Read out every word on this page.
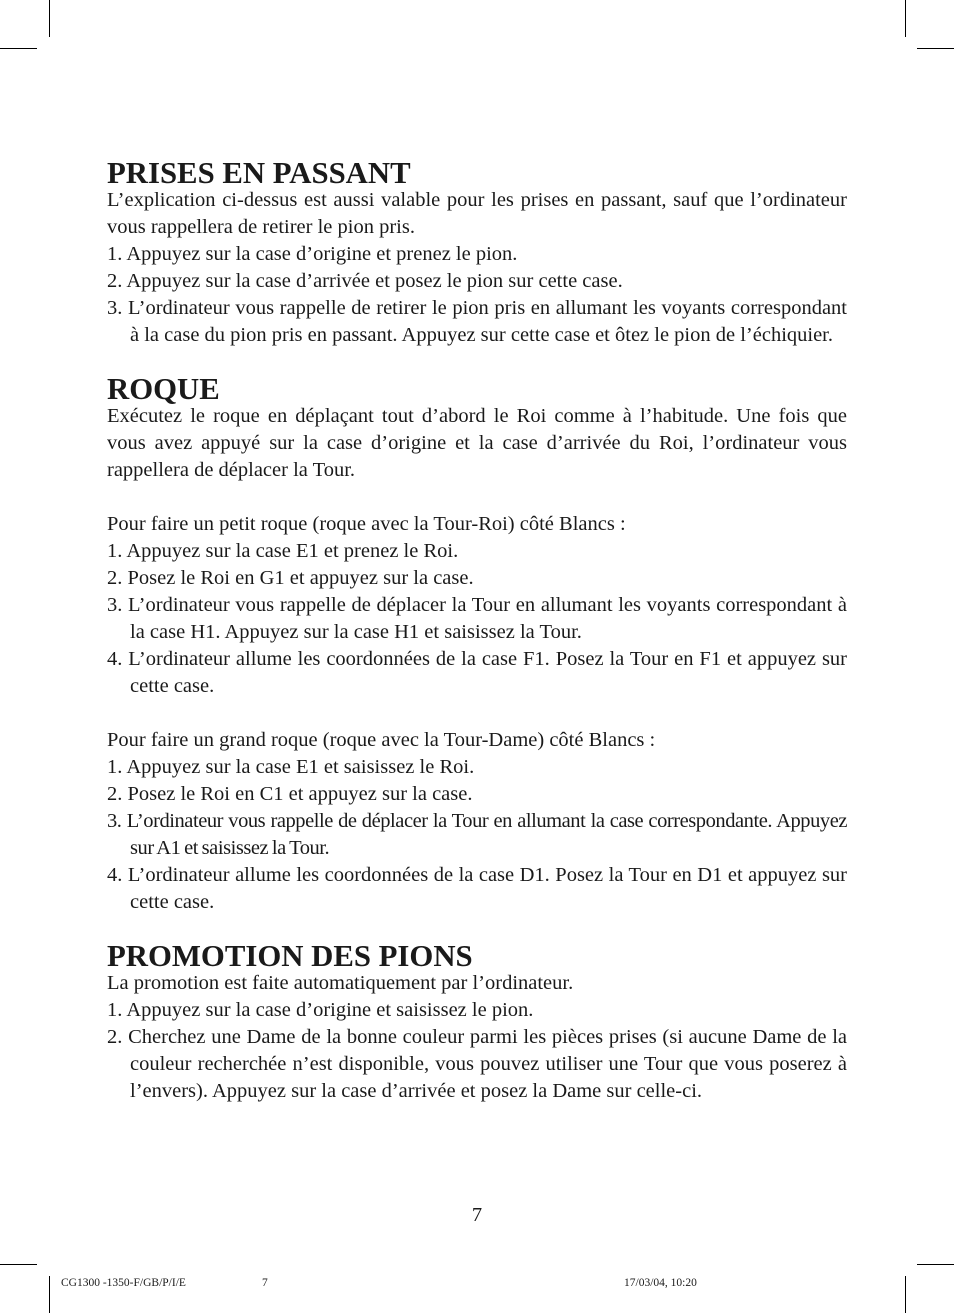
PRISES EN PASSANT

L’explication ci-dessus est aussi valable pour les prises en passant, sauf que l’ordinateur vous rappellera de retirer le pion pris.

1. Appuyez sur la case d’origine et prenez le pion.
2. Appuyez sur la case d’arrivée et posez le pion sur cette case.
3. L’ordinateur vous rappelle de retirer le pion pris en allumant les voyants correspondant à la case du pion pris en passant. Appuyez sur cette case et ôtez le pion de l’échiquier.
ROQUE

Exécutez le roque en déplaçant tout d’abord le Roi comme à l’habitude. Une fois que vous avez appuyé sur la case d’origine et la case d’arrivée du Roi, l’ordinateur vous rappellera de déplacer la Tour.

Pour faire un petit roque (roque avec la Tour-Roi) côté Blancs :

1. Appuyez sur la case E1 et prenez le Roi.
2. Posez le Roi en G1 et appuyez sur la case.
3. L’ordinateur vous rappelle de déplacer la Tour en allumant les voyants correspondant à la case H1. Appuyez sur la case H1 et saisissez la Tour.
4. L’ordinateur allume les coordonnées de la case F1. Posez la Tour en F1 et appuyez sur cette case.

Pour faire un grand roque (roque avec la Tour-Dame) côté Blancs :

1. Appuyez sur la case E1 et saisissez le Roi.
2. Posez le Roi en C1 et appuyez sur la case.
3. L’ordinateur vous rappelle de déplacer la Tour en allumant la case correspondante. Appuyez sur A1 et saisissez la Tour.
4. L’ordinateur allume les coordonnées de la case D1. Posez la Tour en D1 et appuyez sur cette case.
PROMOTION DES PIONS

La promotion est faite automatiquement par l’ordinateur.

1. Appuyez sur la case d’origine et saisissez le pion.
2. Cherchez une Dame de la bonne couleur parmi les pièces prises (si aucune Dame de la couleur recherchée n’est disponible, vous pouvez utiliser une Tour que vous poserez à l’envers). Appuyez sur la case d’arrivée et posez la Dame sur celle-ci.
7
CG1300 -1350-F/GB/P/I/E	7	17/03/04, 10:20
